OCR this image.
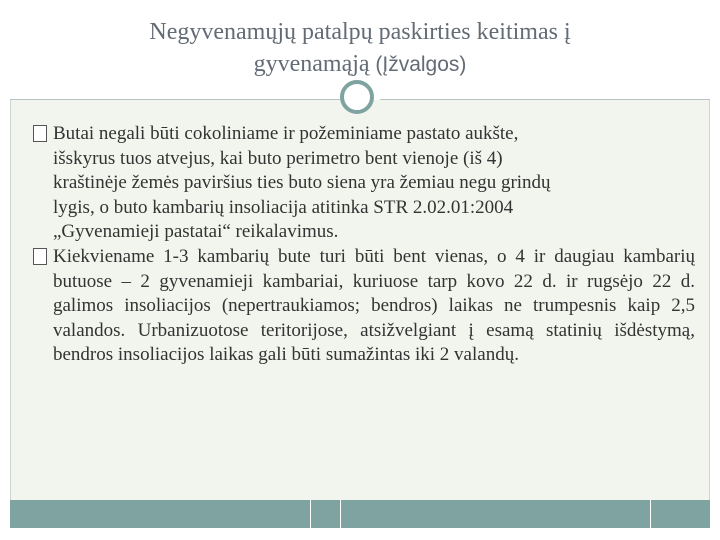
Negyvenamųjų patalpų paskirties keitimas į
gyvenamąją (Įžvalgos)
Butai negali būti cokoliniame ir požeminiame pastato aukšte,
išskyrus tuos atvejus, kai buto perimetro bent vienoje (iš 4)
kraštinėje žemės paviršius ties buto siena yra žemiau negu grindų
lygis, o buto kambarių insoliacija atitinka STR 2.02.01:2004
„Gyvenamieji pastatai“ reikalavimus.
Kiekviename 1-3 kambarių bute turi būti bent vienas, o 4 ir daugiau kambarių butuose – 2 gyvenamieji kambariai, kuriuose tarp kovo 22 d. ir rugsėjo 22 d. galimos insoliacijos (nepertraukiamos; bendros) laikas ne trumpesnis kaip 2,5 valandos. Urbanizuotose teritorijose, atsižvelgiant į esamą statinių išdėstymą, bendros insoliacijos laikas gali būti sumažintas iki 2 valandų.
